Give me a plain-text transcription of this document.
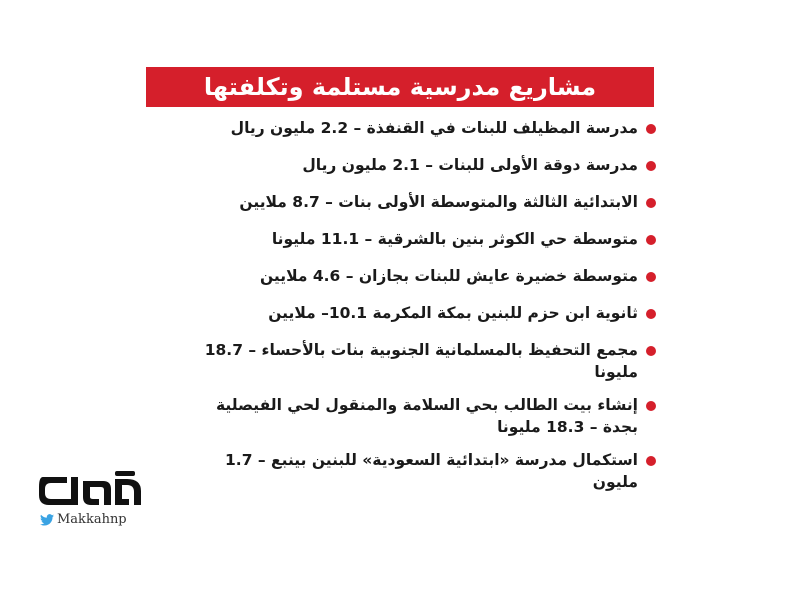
مشاريع مدرسية مستلمة وتكلفتها
مدرسة المظيلف للبنات في القنفذة – 2.2 مليون ريال
مدرسة دوقة الأولى للبنات – 2.1 مليون ريال
الابتدائية الثالثة والمتوسطة الأولى بنات – 8.7 ملايين
متوسطة حي الكوثر بنين بالشرقية – 11.1 مليونا
متوسطة خضيرة عايش للبنات بجازان – 4.6 ملايين
ثانوية ابن حزم للبنين بمكة المكرمة 10.1– ملايين
مجمع التحفيظ بالمسلمانية الجنوبية بنات بالأحساء – 18.7 مليونا
إنشاء بيت الطالب بحي السلامة والمنقول لحي الفيصلية بجدة – 18.3 مليونا
استكمال مدرسة «ابتدائية السعودية» للبنين بينبع – 1.7 مليون
Makkahnp
